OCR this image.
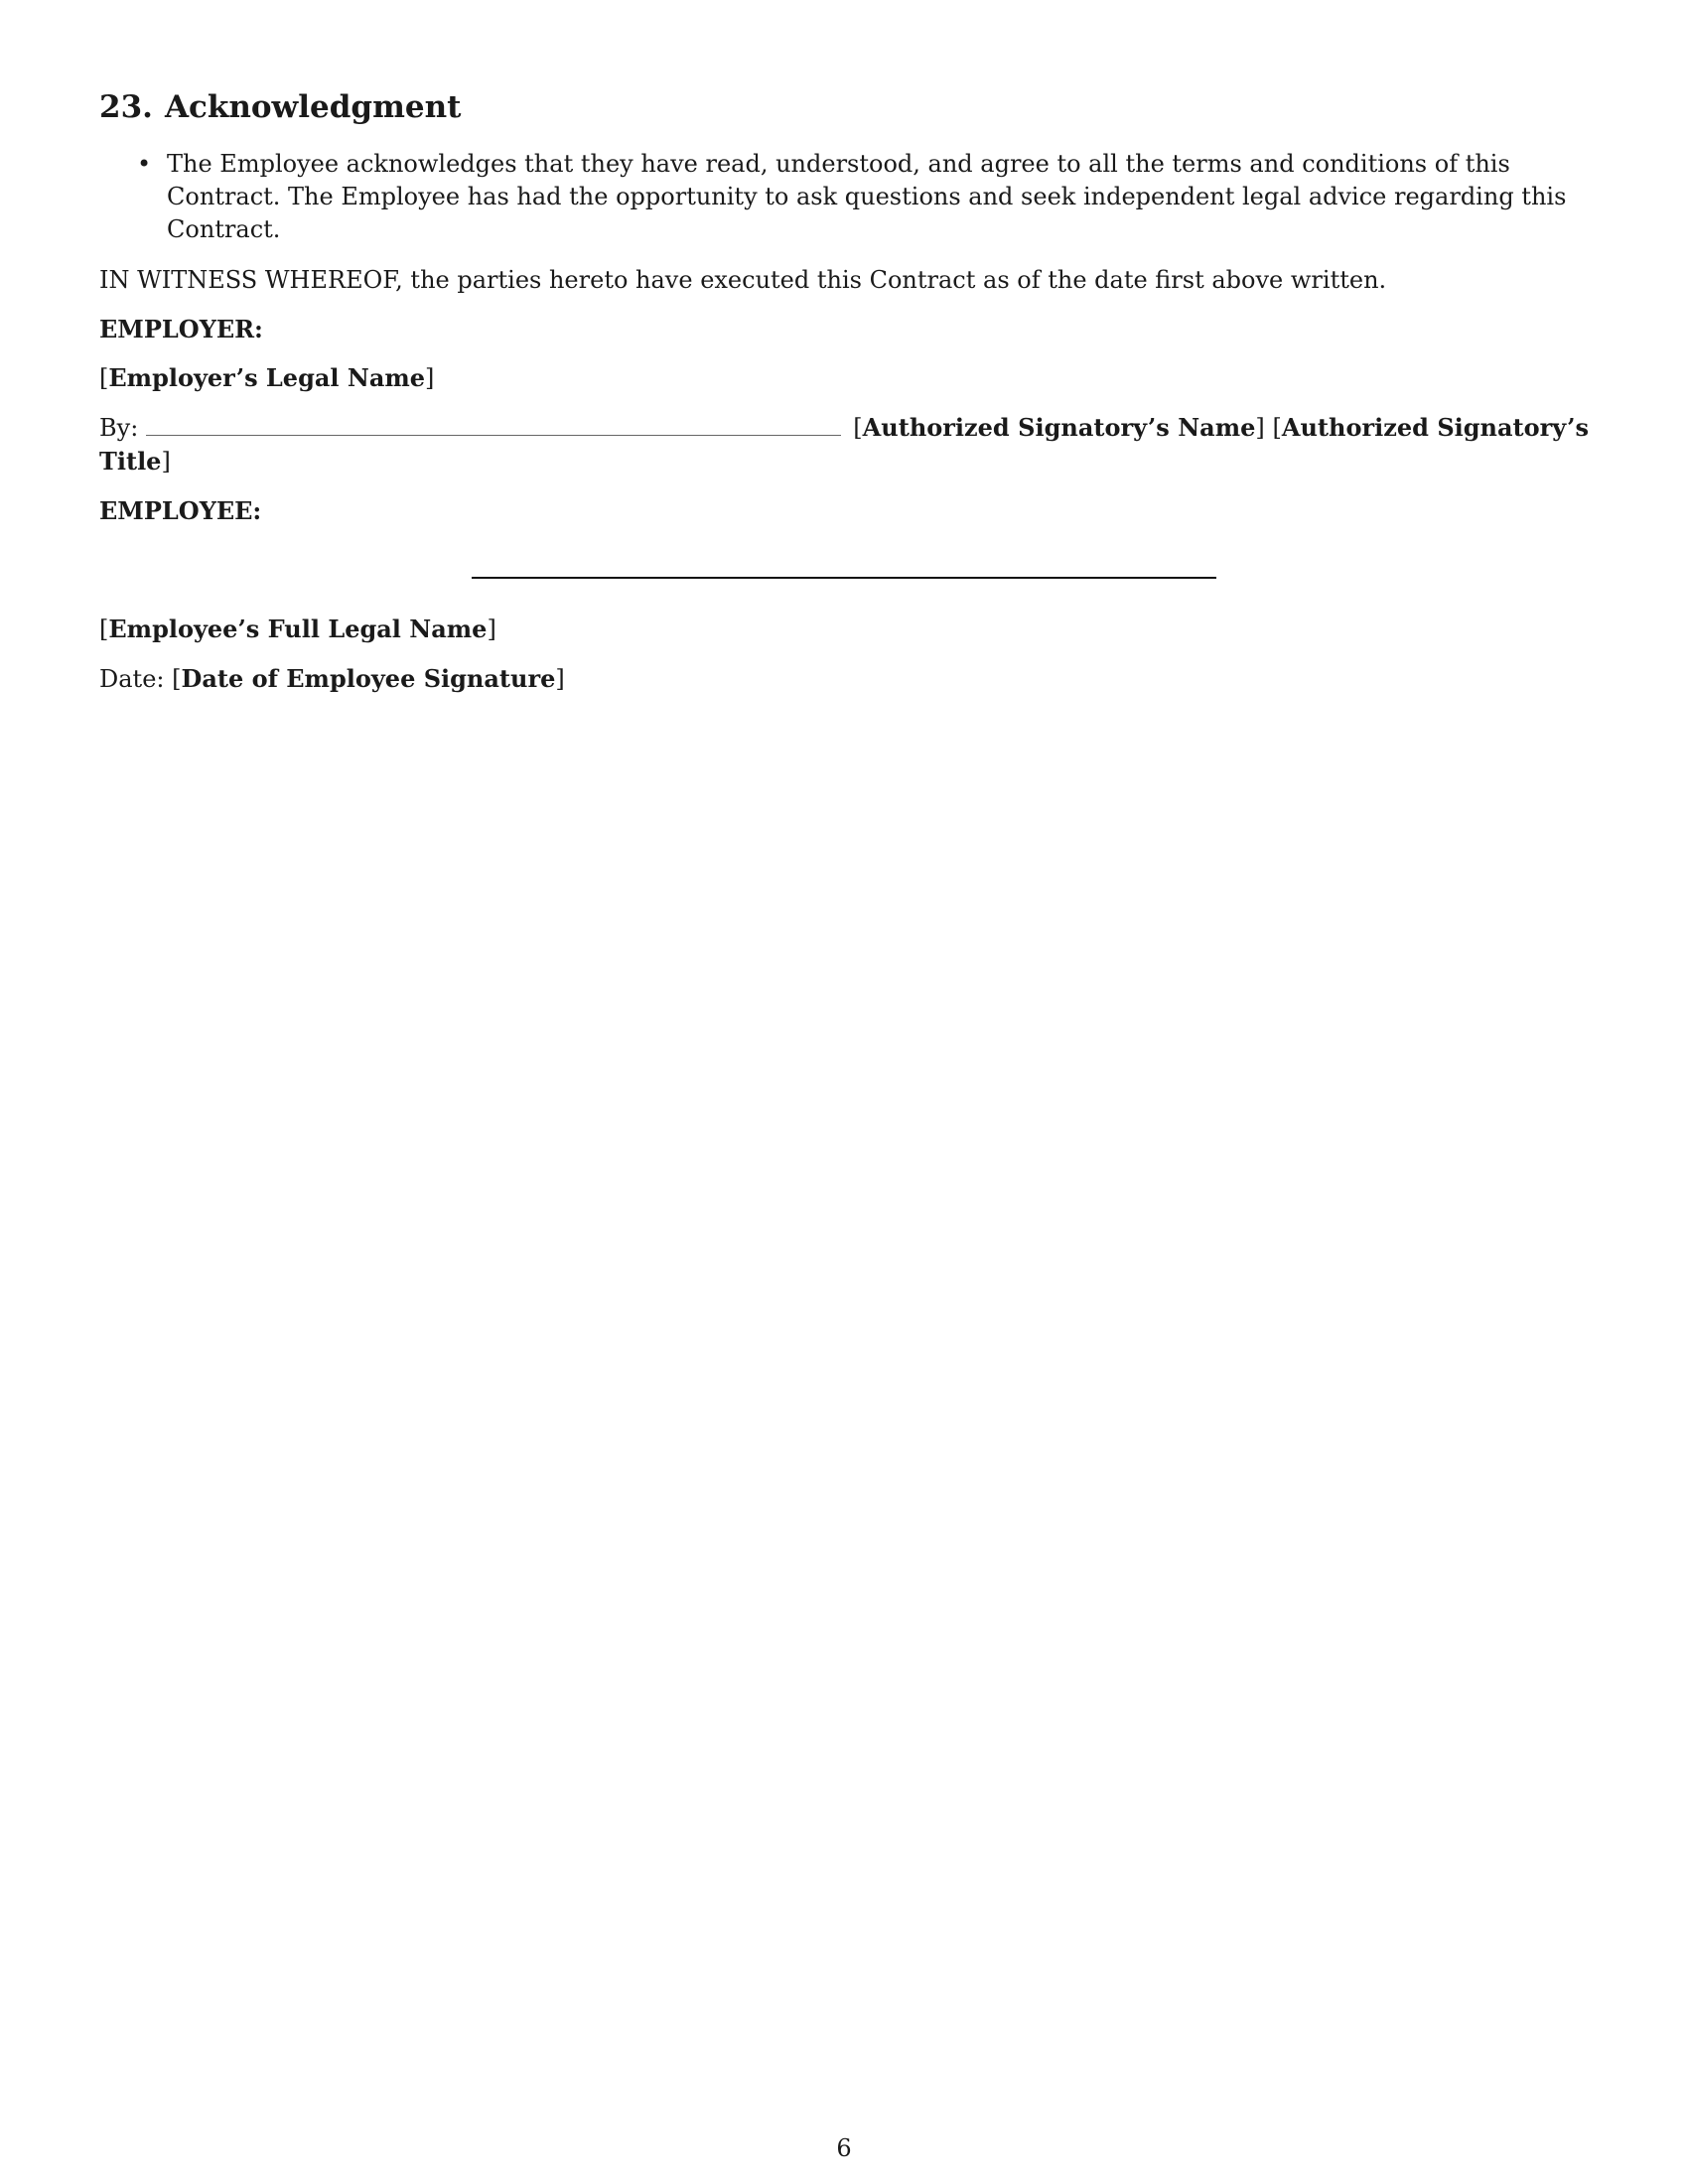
23. Acknowledgment
• The Employee acknowledges that they have read, understood, and agree to all the terms and conditions of this Contract. The Employee has had the opportunity to ask questions and seek independent legal advice regarding this Contract.

IN WITNESS WHEREOF, the parties hereto have executed this Contract as of the date first above written.

EMPLOYER:

[Employer’s Legal Name]

By:	[Authorized Signatory’s Name] [Authorized Signatory’s Title]

EMPLOYEE:

[Employee’s Full Legal Name]

Date: [Date of Employee Signature]

6
